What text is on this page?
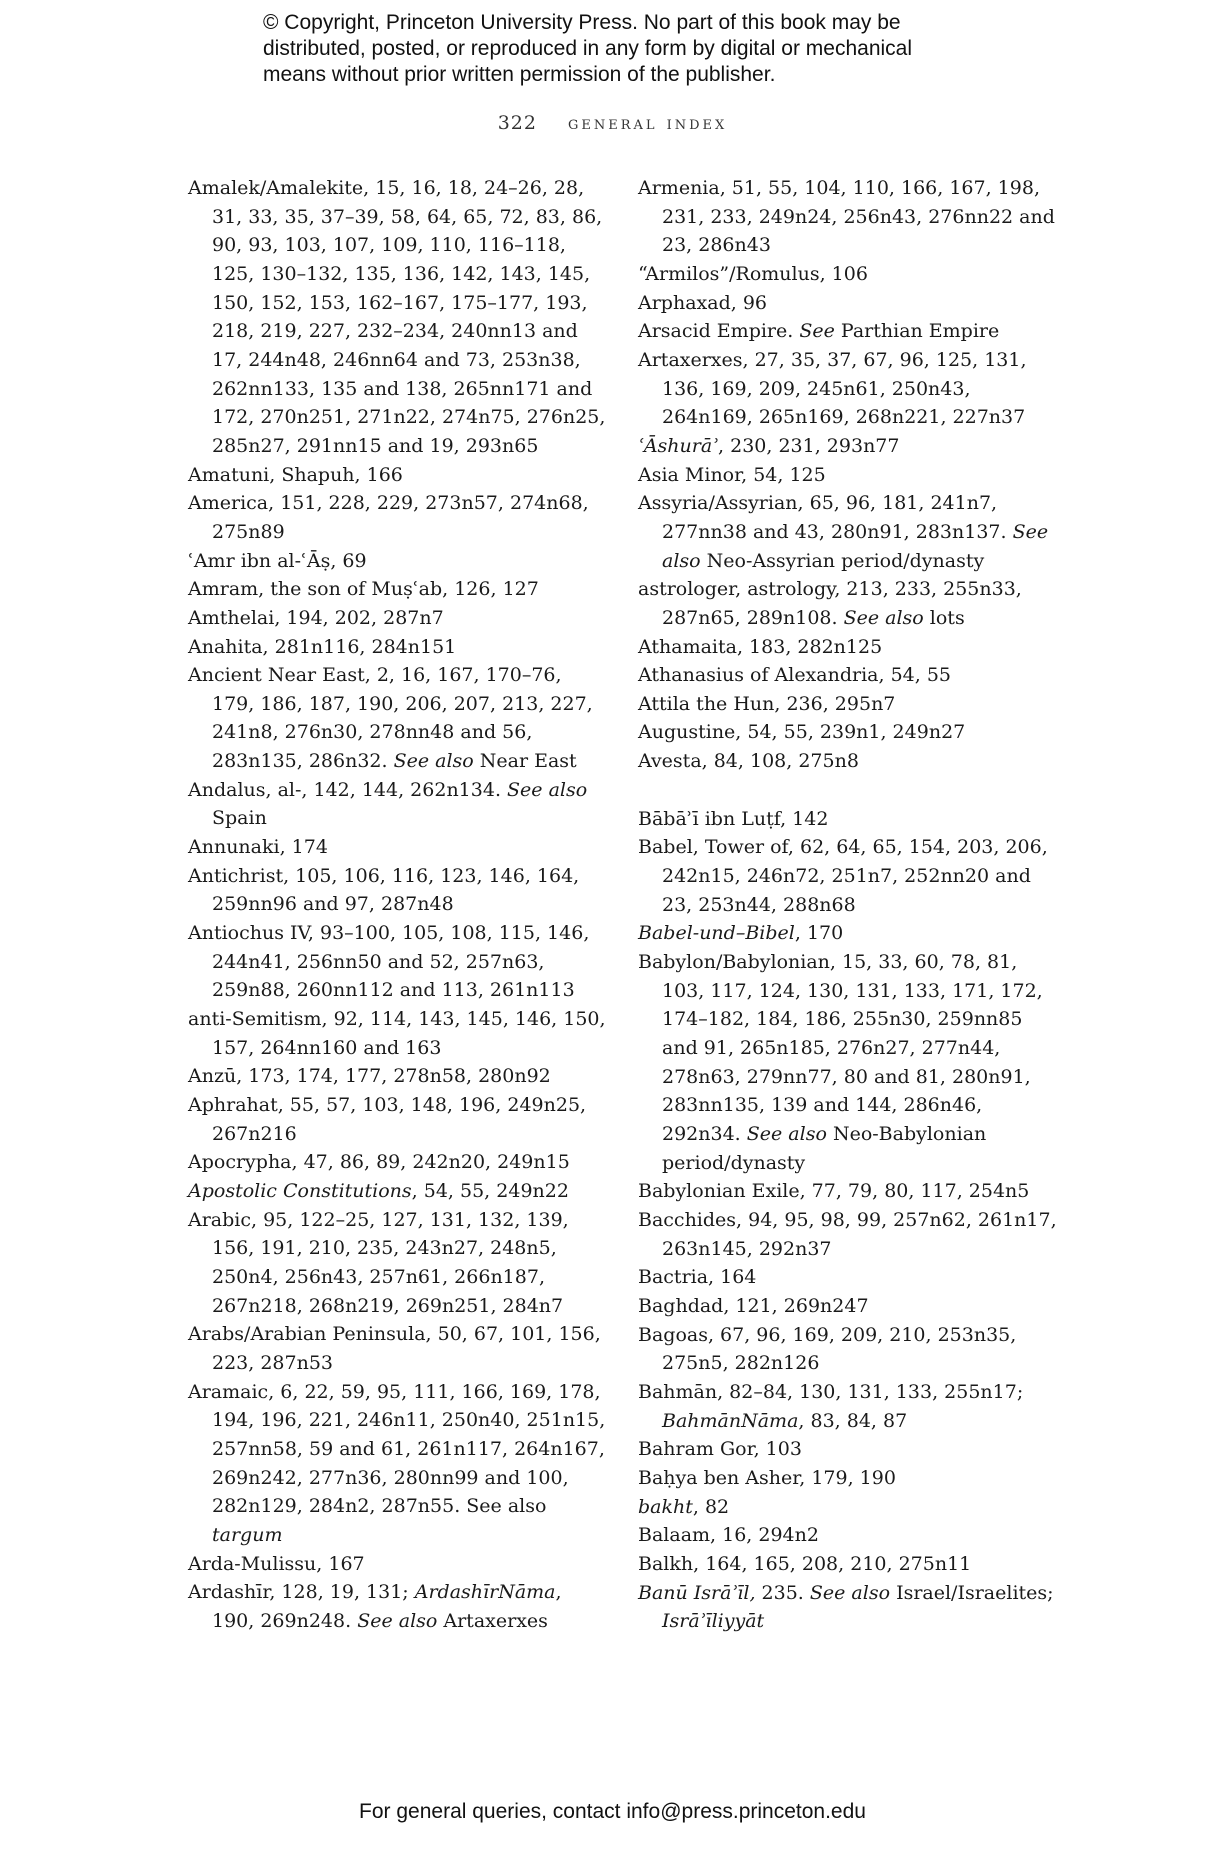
© Copyright, Princeton University Press. No part of this book may be

distributed, posted, or reproduced in any form by digital or mechanical

means without prior written permission of the publisher.

322 general index

Amalek/Amalekite, 15, 16, 18, 24–26, 28, 31, 33, 35, 37–39, 58, 64, 65, 72, 83, 86, 90, 93, 103, 107, 109, 110, 116–118, 125, 130–132, 135, 136, 142, 143, 145, 150, 152, 153, 162–167, 175–177, 193, 218, 219, 227, 232–234, 240nn13 and 17, 244n48, 246nn64 and 73, 253n38, 262nn133, 135 and 138, 265nn171 and 172, 270n251, 271n22, 274n75, 276n25, 285n27, 291nn15 and 19, 293n65

Amatuni, Shapuh, 166

America, 151, 228, 229, 273n57, 274n68, 275n89

ʿAmr ibn al-ʿĀṣ, 69

Amram, the son of Muṣʿab, 126, 127

Amthelai, 194, 202, 287n7

Anahita, 281n116, 284n151

Ancient Near East, 2, 16, 167, 170–76, 179, 186, 187, 190, 206, 207, 213, 227, 241n8, 276n30, 278nn48 and 56, 283n135, 286n32. See also Near East

Andalus, al-, 142, 144, 262n134. See also Spain

Annunaki, 174

Antichrist, 105, 106, 116, 123, 146, 164, 259nn96 and 97, 287n48

Antiochus IV, 93–100, 105, 108, 115, 146, 244n41, 256nn50 and 52, 257n63, 259n88, 260nn112 and 113, 261n113

anti-Semitism, 92, 114, 143, 145, 146, 150, 157, 264nn160 and 163

Anzū, 173, 174, 177, 278n58, 280n92

Aphrahat, 55, 57, 103, 148, 196, 249n25, 267n216

Apocrypha, 47, 86, 89, 242n20, 249n15

Apostolic Constitutions, 54, 55, 249n22

Arabic, 95, 122–25, 127, 131, 132, 139, 156, 191, 210, 235, 243n27, 248n5, 250n4, 256n43, 257n61, 266n187, 267n218, 268n219, 269n251, 284n7

Arabs/Arabian Peninsula, 50, 67, 101, 156, 223, 287n53

Aramaic, 6, 22, 59, 95, 111, 166, 169, 178, 194, 196, 221, 246n11, 250n40, 251n15, 257nn58, 59 and 61, 261n117, 264n167, 269n242, 277n36, 280nn99 and 100, 282n129, 284n2, 287n55. See also targum

Arda-Mulissu, 167

Ardashīr, 128, 19, 131; ArdashīrNāma, 190, 269n248. See also Artaxerxes

Armenia, 51, 55, 104, 110, 166, 167, 198, 231, 233, 249n24, 256n43, 276nn22 and 23, 286n43

“Armilos”/Romulus, 106

Arphaxad, 96

Arsacid Empire. See Parthian Empire

Artaxerxes, 27, 35, 37, 67, 96, 125, 131, 136, 169, 209, 245n61, 250n43, 264n169, 265n169, 268n221, 227n37

ʿĀshurāʾ, 230, 231, 293n77

Asia Minor, 54, 125

Assyria/Assyrian, 65, 96, 181, 241n7, 277nn38 and 43, 280n91, 283n137. See also Neo-Assyrian period/dynasty

astrologer, astrology, 213, 233, 255n33, 287n65, 289n108. See also lots

Athamaita, 183, 282n125

Athanasius of Alexandria, 54, 55

Attila the Hun, 236, 295n7

Augustine, 54, 55, 239n1, 249n27

Avesta, 84, 108, 275n8

Bābāʾī ibn Luṭf, 142

Babel, Tower of, 62, 64, 65, 154, 203, 206, 242n15, 246n72, 251n7, 252nn20 and 23, 253n44, 288n68

Babel-und–Bibel, 170

Babylon/Babylonian, 15, 33, 60, 78, 81, 103, 117, 124, 130, 131, 133, 171, 172, 174–182, 184, 186, 255n30, 259nn85 and 91, 265n185, 276n27, 277n44, 278n63, 279nn77, 80 and 81, 280n91, 283nn135, 139 and 144, 286n46, 292n34. See also Neo-Babylonian period/dynasty

Babylonian Exile, 77, 79, 80, 117, 254n5

Bacchides, 94, 95, 98, 99, 257n62, 261n17, 263n145, 292n37

Bactria, 164

Baghdad, 121, 269n247

Bagoas, 67, 96, 169, 209, 210, 253n35, 275n5, 282n126

Bahmān, 82–84, 130, 131, 133, 255n17; BahmānNāma, 83, 84, 87

Bahram Gor, 103

Baḥya ben Asher, 179, 190

bakht, 82

Balaam, 16, 294n2

Balkh, 164, 165, 208, 210, 275n11

Banū Isrāʾīl, 235. See also Israel/Israelites; Isrāʾīliyyāt

For general queries, contact info@press.princeton.edu
